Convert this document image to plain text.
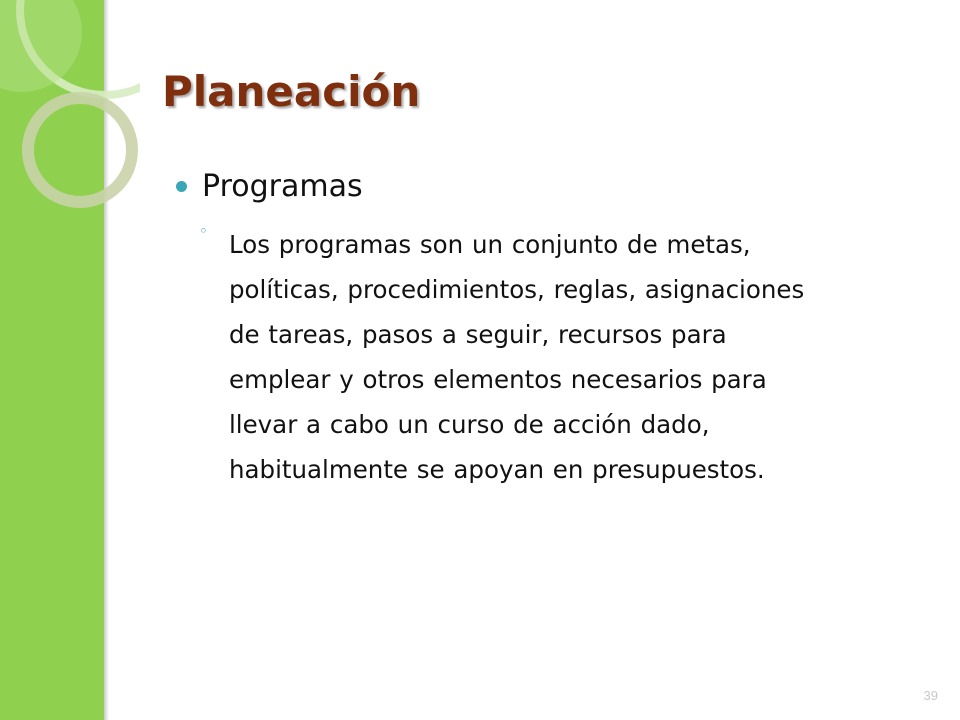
Planeación
Programas
◦ Los programas son un conjunto de metas,
políticas, procedimientos, reglas, asignaciones
de tareas, pasos a seguir, recursos para
emplear y otros elementos necesarios para
llevar a cabo un curso de acción dado,
habitualmente se apoyan en presupuestos.

39
